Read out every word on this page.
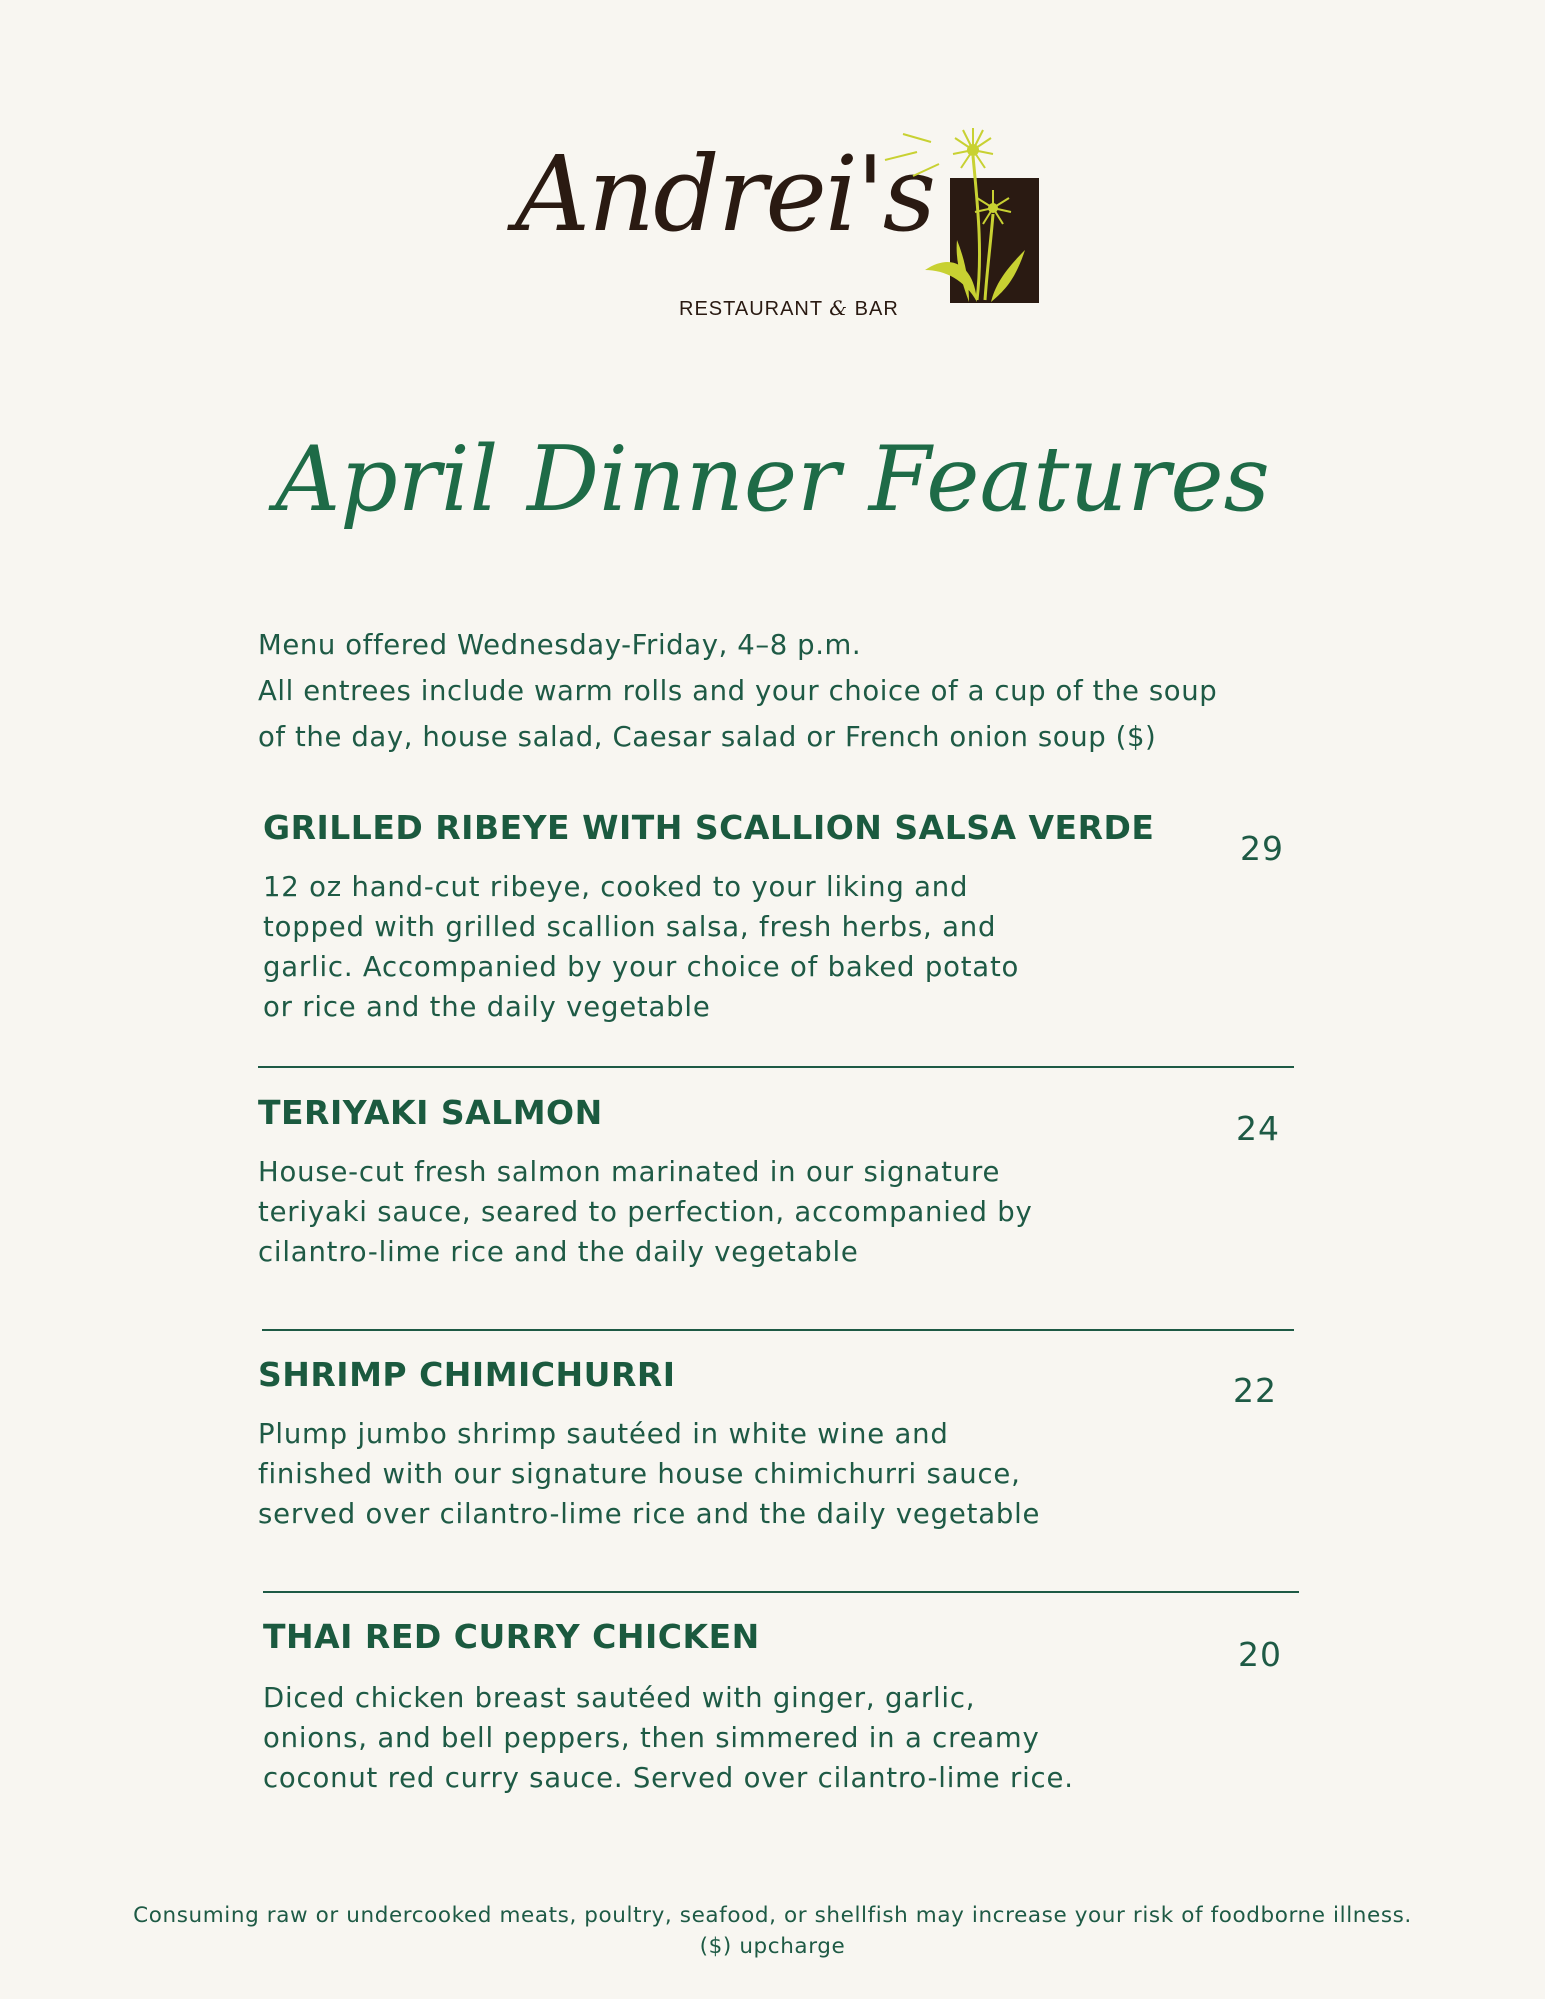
Andrei's
RESTAURANT & BAR
April Dinner Features
Menu offered Wednesday-Friday, 4–8 p.m.
All entrees include warm rolls and your choice of a cup of the soup
of the day, house salad, Caesar salad or French onion soup ($)
GRILLED RIBEYE WITH SCALLION SALSA VERDE
29
12 oz hand-cut ribeye, cooked to your liking and
topped with grilled scallion salsa, fresh herbs, and
garlic. Accompanied by your choice of baked potato
or rice and the daily vegetable
TERIYAKI SALMON	24
House-cut fresh salmon marinated in our signature
teriyaki sauce, seared to perfection, accompanied by
cilantro-lime rice and the daily vegetable
SHRIMP CHIMICHURRI	22
Plump jumbo shrimp sautéed in white wine and
finished with our signature house chimichurri sauce,
served over cilantro-lime rice and the daily vegetable
THAI RED CURRY CHICKEN	20
Diced chicken breast sautéed with ginger, garlic,
onions, and bell peppers, then simmered in a creamy
coconut red curry sauce. Served over cilantro-lime rice.
Consuming raw or undercooked meats, poultry, seafood, or shellfish may increase your risk of foodborne illness.
($) upcharge
